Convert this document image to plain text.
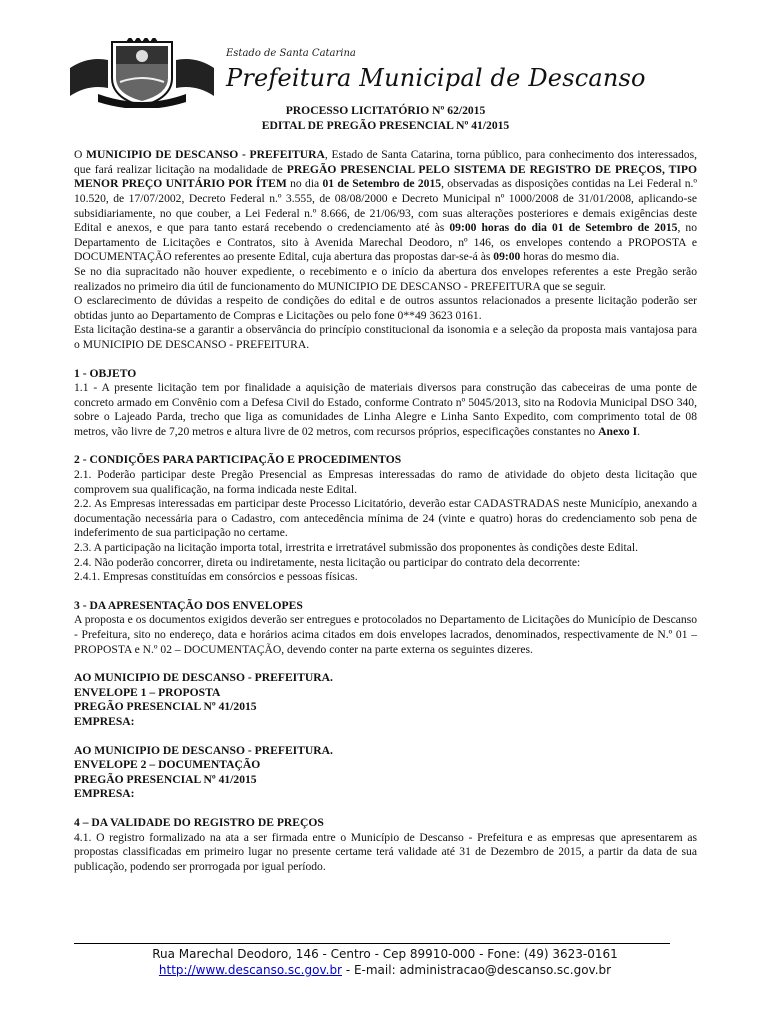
Estado de Santa Catarina
Prefeitura Municipal de Descanso
PROCESSO LICITATÓRIO Nº 62/2015
EDITAL DE PREGÃO PRESENCIAL Nº 41/2015

O MUNICIPIO DE DESCANSO - PREFEITURA, Estado de Santa Catarina, torna público, para conhecimento dos interessados, que fará realizar licitação na modalidade de PREGÃO PRESENCIAL PELO SISTEMA DE REGISTRO DE PREÇOS, TIPO MENOR PREÇO UNITÁRIO POR ÍTEM no dia 01 de Setembro de 2015, observadas as disposições contidas na Lei Federal n.º 10.520, de 17/07/2002, Decreto Federal n.º 3.555, de 08/08/2000 e Decreto Municipal nº 1000/2008 de 31/01/2008, aplicando-se subsidiariamente, no que couber, a Lei Federal n.º 8.666, de 21/06/93, com suas alterações posteriores e demais exigências deste Edital e anexos, e que para tanto estará recebendo o credenciamento até às 09:00 horas do dia 01 de Setembro de 2015, no Departamento de Licitações e Contratos, sito à Avenida Marechal Deodoro, nº 146, os envelopes contendo a PROPOSTA e DOCUMENTAÇÃO referentes ao presente Edital, cuja abertura das propostas dar-se-á às 09:00 horas do mesmo dia.

Se no dia supracitado não houver expediente, o recebimento e o início da abertura dos envelopes referentes a este Pregão serão realizados no primeiro dia útil de funcionamento do MUNICIPIO DE DESCANSO - PREFEITURA que se seguir.

O esclarecimento de dúvidas a respeito de condições do edital e de outros assuntos relacionados a presente licitação poderão ser obtidas junto ao Departamento de Compras e Licitações ou pelo fone 0**49 3623 0161.

Esta licitação destina-se a garantir a observância do princípio constitucional da isonomia e a seleção da proposta mais vantajosa para o MUNICIPIO DE DESCANSO - PREFEITURA.

1 - OBJETO

1.1 - A presente licitação tem por finalidade a aquisição de materiais diversos para construção das cabeceiras de uma ponte de concreto armado em Convênio com a Defesa Civil do Estado, conforme Contrato nº 5045/2013, sito na Rodovia Municipal DSO 340, sobre o Lajeado Parda, trecho que liga as comunidades de Linha Alegre e Linha Santo Expedito, com comprimento total de 08 metros, vão livre de 7,20 metros e altura livre de 02 metros, com recursos próprios, especificações constantes no Anexo I.

2 - CONDIÇÕES PARA PARTICIPAÇÃO E PROCEDIMENTOS

2.1. Poderão participar deste Pregão Presencial as Empresas interessadas do ramo de atividade do objeto desta licitação que comprovem sua qualificação, na forma indicada neste Edital.

2.2. As Empresas interessadas em participar deste Processo Licitatório, deverão estar CADASTRADAS neste Município, anexando a documentação necessária para o Cadastro, com antecedência mínima de 24 (vinte e quatro) horas do credenciamento sob pena de indeferimento de sua participação no certame.

2.3. A participação na licitação importa total, irrestrita e irretratável submissão dos proponentes às condições deste Edital.

2.4. Não poderão concorrer, direta ou indiretamente, nesta licitação ou participar do contrato dela decorrente:

2.4.1. Empresas constituídas em consórcios e pessoas físicas.

3 - DA APRESENTAÇÃO DOS ENVELOPES

A proposta e os documentos exigidos deverão ser entregues e protocolados no Departamento de Licitações do Município de Descanso - Prefeitura, sito no endereço, data e horários acima citados em dois envelopes lacrados, denominados, respectivamente de N.º 01 – PROPOSTA e N.º 02 – DOCUMENTAÇÃO, devendo conter na parte externa os seguintes dizeres.

AO MUNICIPIO DE DESCANSO - PREFEITURA.
ENVELOPE 1 – PROPOSTA
PREGÃO PRESENCIAL Nº 41/2015
EMPRESA:
AO MUNICIPIO DE DESCANSO - PREFEITURA.
ENVELOPE 2 – DOCUMENTAÇÃO
PREGÃO PRESENCIAL Nº 41/2015
EMPRESA:
4 – DA VALIDADE DO REGISTRO DE PREÇOS

4.1. O registro formalizado na ata a ser firmada entre o Município de Descanso - Prefeitura e as empresas que apresentarem as propostas classificadas em primeiro lugar no presente certame terá validade até 31 de Dezembro de 2015, a partir da data de sua publicação, podendo ser prorrogada por igual período.

Rua Marechal Deodoro, 146 - Centro - Cep 89910-000 - Fone: (49) 3623-0161
http://www.descanso.sc.gov.br - E-mail: administracao@descanso.sc.gov.br
